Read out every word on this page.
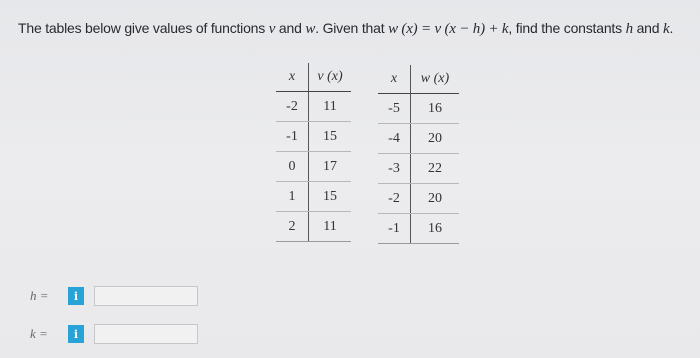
The tables below give values of functions v and w. Given that w (x) = v (x − h) + k, find the constants h and k.
x	v (x)
-2	11
-1	15
0	17
1	15
2	11
x	w (x)
-5	16
-4	20
-3	22
-2	20
-1	16
h =	i
k =	i
